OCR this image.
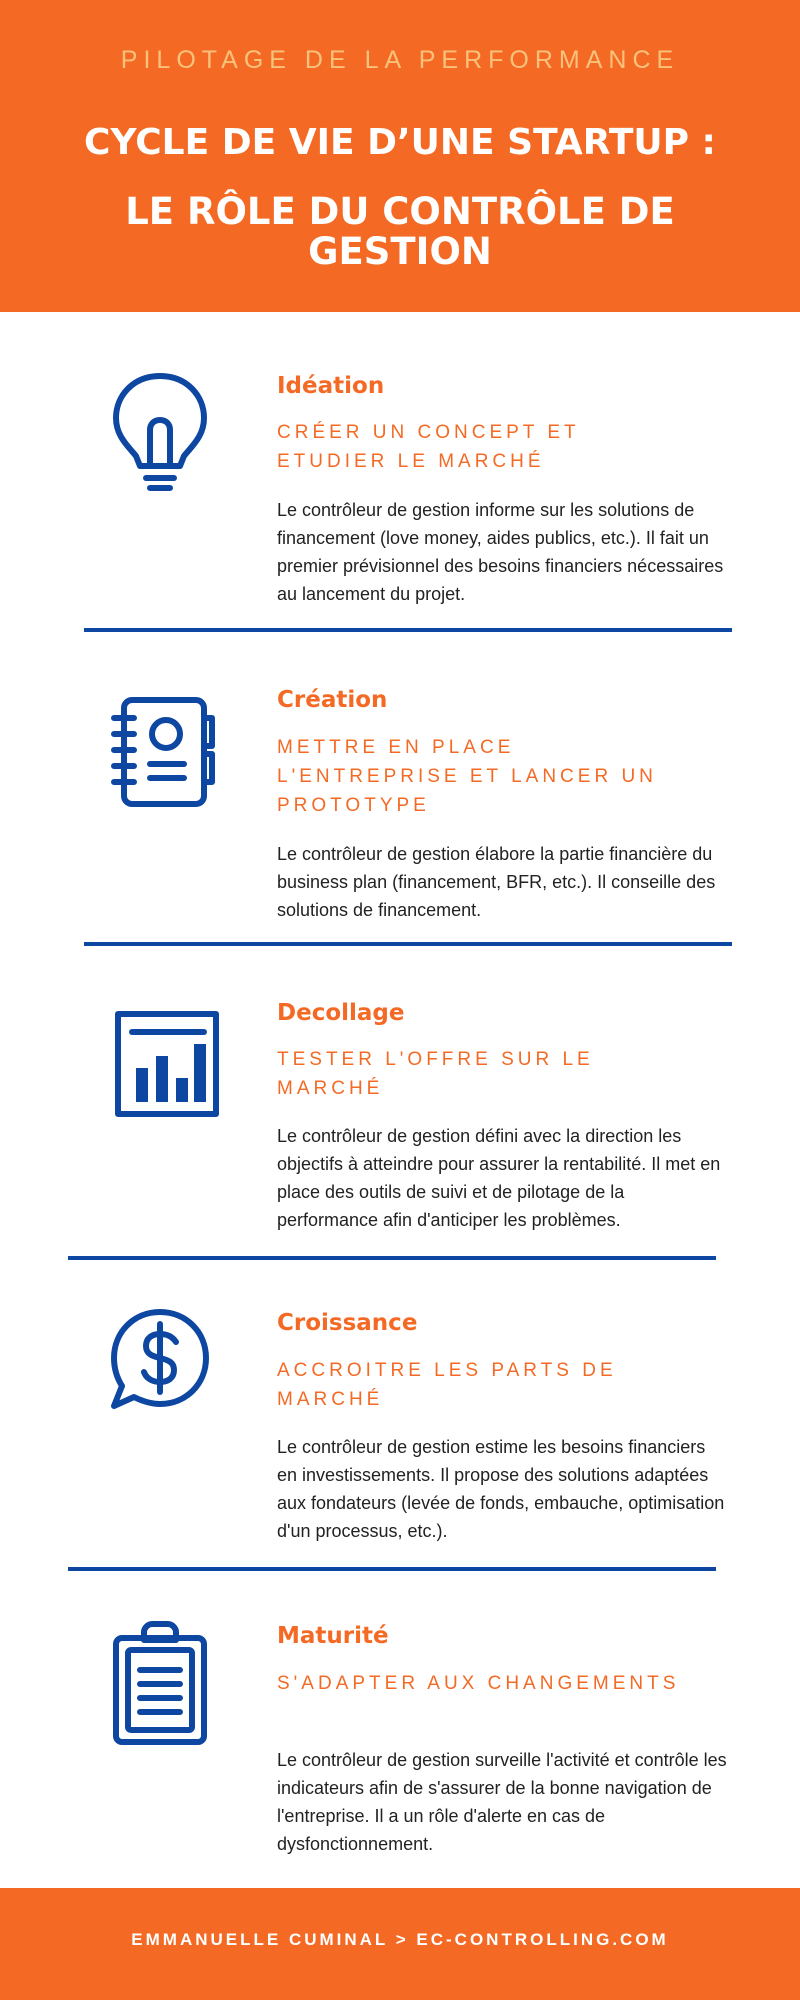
PILOTAGE DE LA PERFORMANCE
CYCLE DE VIE D’UNE STARTUP :
LE RÔLE DU CONTRÔLE DE GESTION
Idéation
CRÉER UN CONCEPT ET ETUDIER LE MARCHÉ
Le contrôleur de gestion informe sur les solutions de financement (love money, aides publics, etc.). Il fait un premier prévisionnel des besoins financiers nécessaires au lancement du projet.
Création
METTRE EN PLACE L'ENTREPRISE ET LANCER UN PROTOTYPE
Le contrôleur de gestion élabore la partie financière du business plan (financement, BFR, etc.). Il conseille des solutions de financement.
Decollage
TESTER L'OFFRE SUR LE MARCHÉ
Le contrôleur de gestion défini avec la direction les objectifs à atteindre pour assurer la rentabilité. Il met en place des outils de suivi et de pilotage de la performance afin d'anticiper les problèmes.
Croissance
ACCROITRE LES PARTS DE MARCHÉ
Le contrôleur de gestion estime les besoins financiers en investissements. Il propose des solutions adaptées aux fondateurs (levée de fonds, embauche, optimisation d'un processus, etc.).
Maturité
S'ADAPTER AUX CHANGEMENTS
Le contrôleur de gestion surveille l'activité et contrôle les indicateurs afin de s'assurer de la bonne navigation de l'entreprise. Il a un rôle d'alerte en cas de dysfonctionnement.
EMMANUELLE CUMINAL > EC-CONTROLLING.COM
